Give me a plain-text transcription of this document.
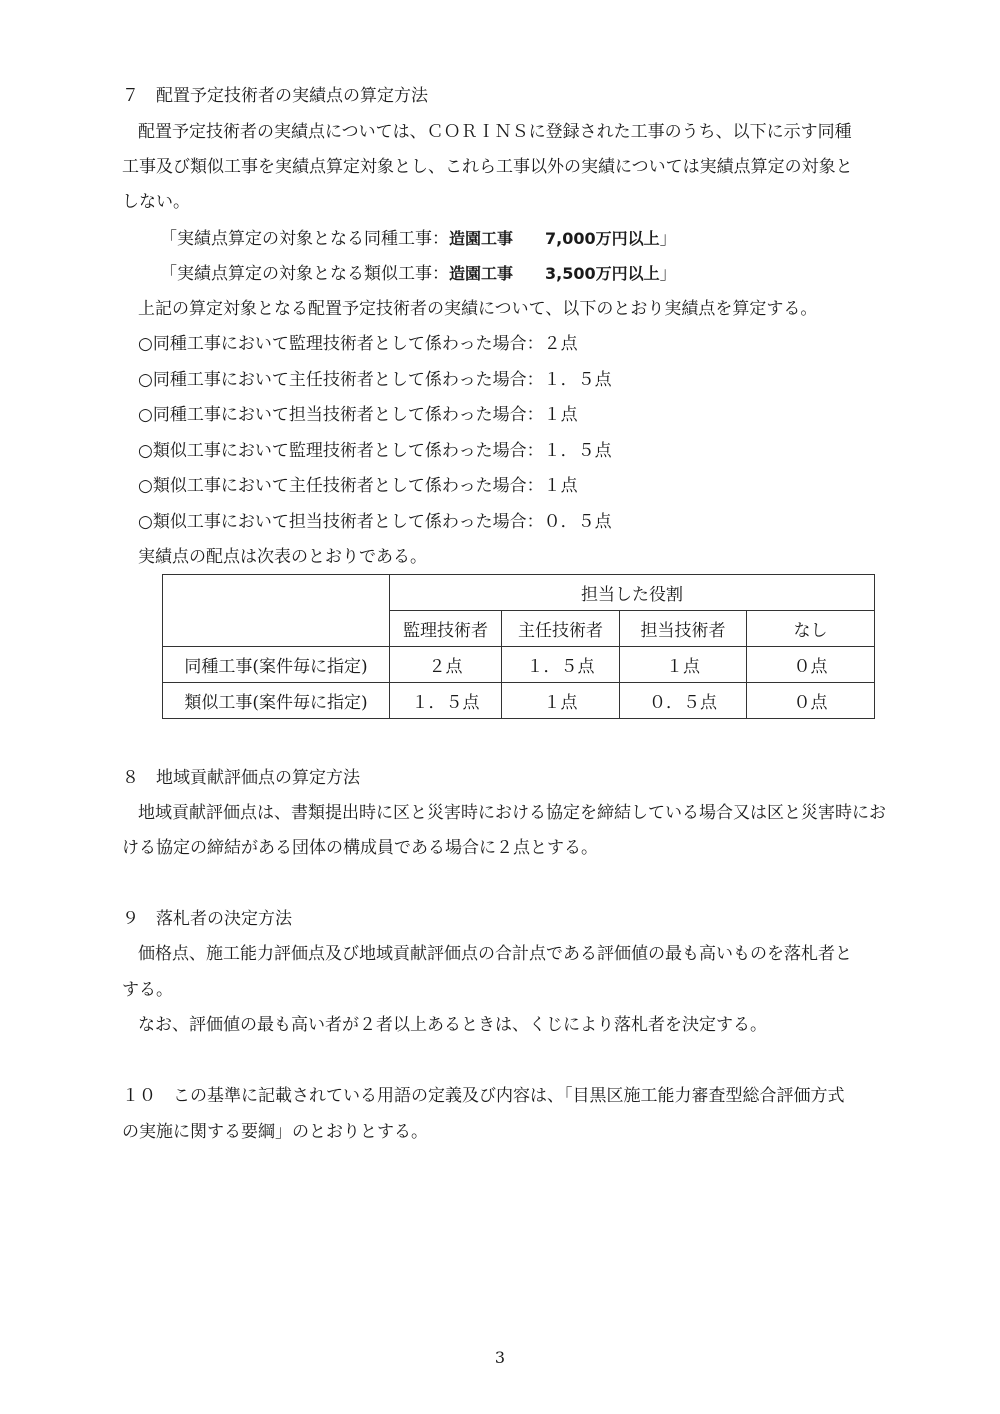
７　配置予定技術者の実績点の算定方法
配置予定技術者の実績点については、ＣＯＲＩＮＳに登録された工事のうち、以下に示す同種
工事及び類似工事を実績点算定対象とし、これら工事以外の実績については実績点算定の対象と
しない。
「実績点算定の対象となる同種工事：造園工事　　7,000万円以上」
「実績点算定の対象となる類似工事：造園工事　　3,500万円以上」
上記の算定対象となる配置予定技術者の実績について、以下のとおり実績点を算定する。
○同種工事において監理技術者として係わった場合：２点
○同種工事において主任技術者として係わった場合：１．５点
○同種工事において担当技術者として係わった場合：１点
○類似工事において監理技術者として係わった場合：１．５点
○類似工事において主任技術者として係わった場合：１点
○類似工事において担当技術者として係わった場合：０．５点
実績点の配点は次表のとおりである。
	担当した役割			
	監理技術者	主任技術者	担当技術者	なし
同種工事(案件毎に指定)	２点	１．５点	１点	０点
類似工事(案件毎に指定)	１．５点	１点	０．５点	０点
８　地域貢献評価点の算定方法
地域貢献評価点は、書類提出時に区と災害時における協定を締結している場合又は区と災害時にお
ける協定の締結がある団体の構成員である場合に２点とする。
９　落札者の決定方法
価格点、施工能力評価点及び地域貢献評価点の合計点である評価値の最も高いものを落札者と
する。
なお、評価値の最も高い者が２者以上あるときは、くじにより落札者を決定する。
１０　この基準に記載されている用語の定義及び内容は、「目黒区施工能力審査型総合評価方式
の実施に関する要綱」のとおりとする。
3
